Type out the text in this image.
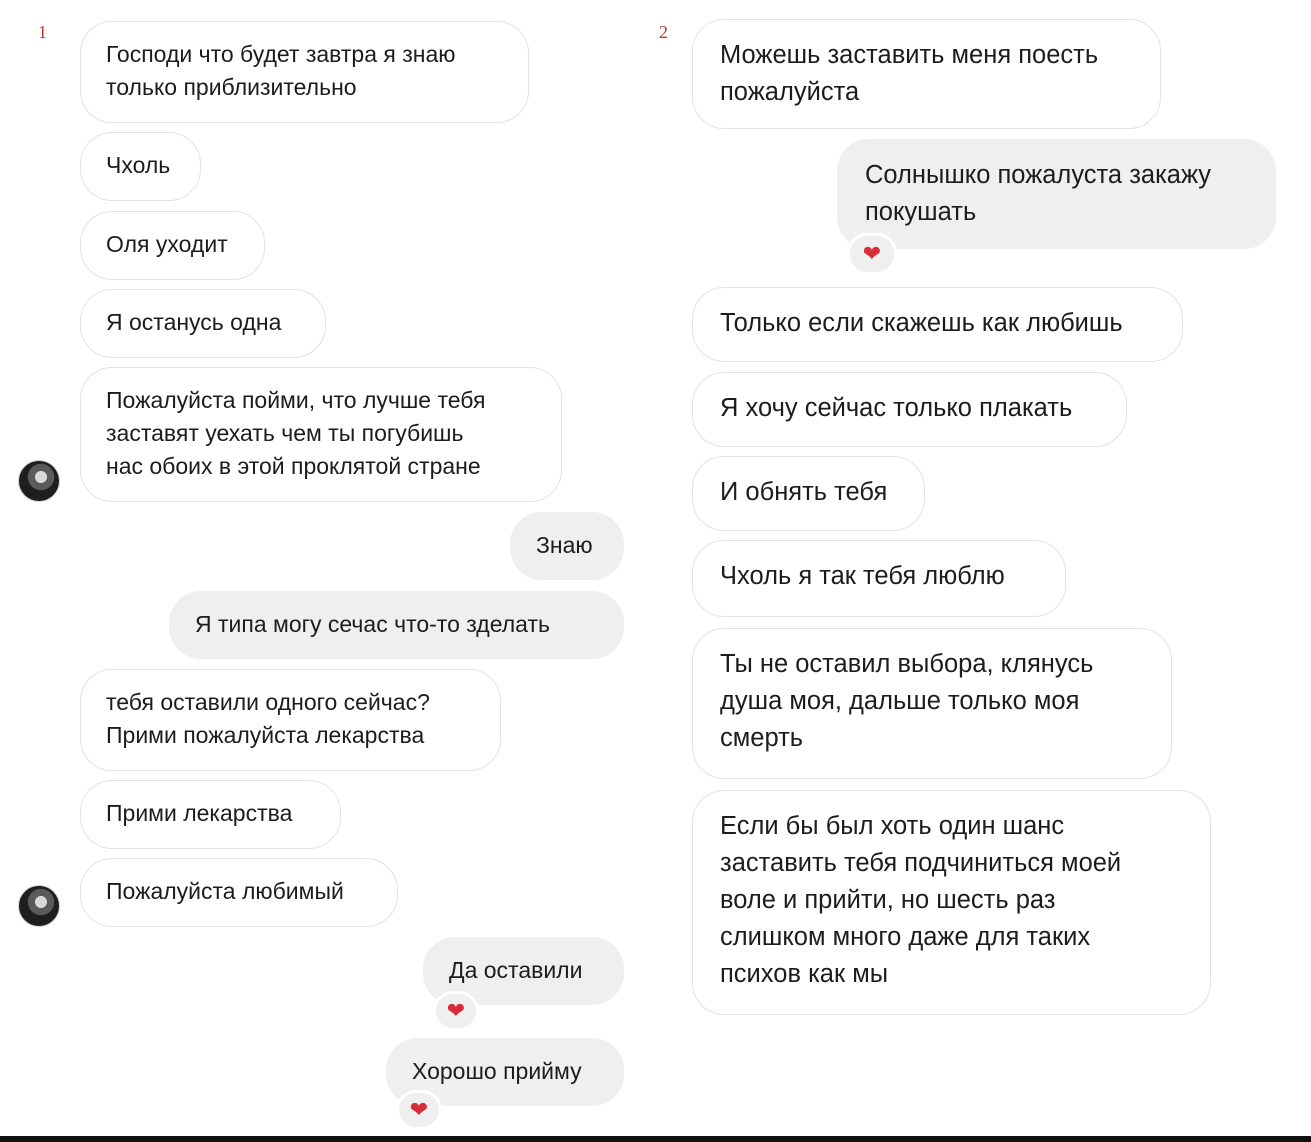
1	2
Господи что будет завтра я знаю
только приблизительно
Чхоль
Оля уходит
Я останусь одна
Пожалуйста пойми, что лучше тебя
заставят уехать чем ты погубишь
нас обоих в этой проклятой стране
Знаю
Я типа могу сечас что-то зделать
тебя оставили одного сейчас?
Прими пожалуйста лекарства
Прими лекарства
Пожалуйста любимый
Да оставили
❤
Хорошо прийму
❤
Можешь заставить меня поесть
пожалуйста
Солнышко пожалуста закажу
покушать
❤
Только если скажешь как любишь
Я хочу сейчас только плакать
И обнять тебя
Чхоль я так тебя люблю
Ты не оставил выбора, клянусь
душа моя, дальше только моя
смерть
Если бы был хоть один шанс
заставить тебя подчиниться моей
воле и прийти, но шесть раз
слишком много даже для таких
психов как мы
